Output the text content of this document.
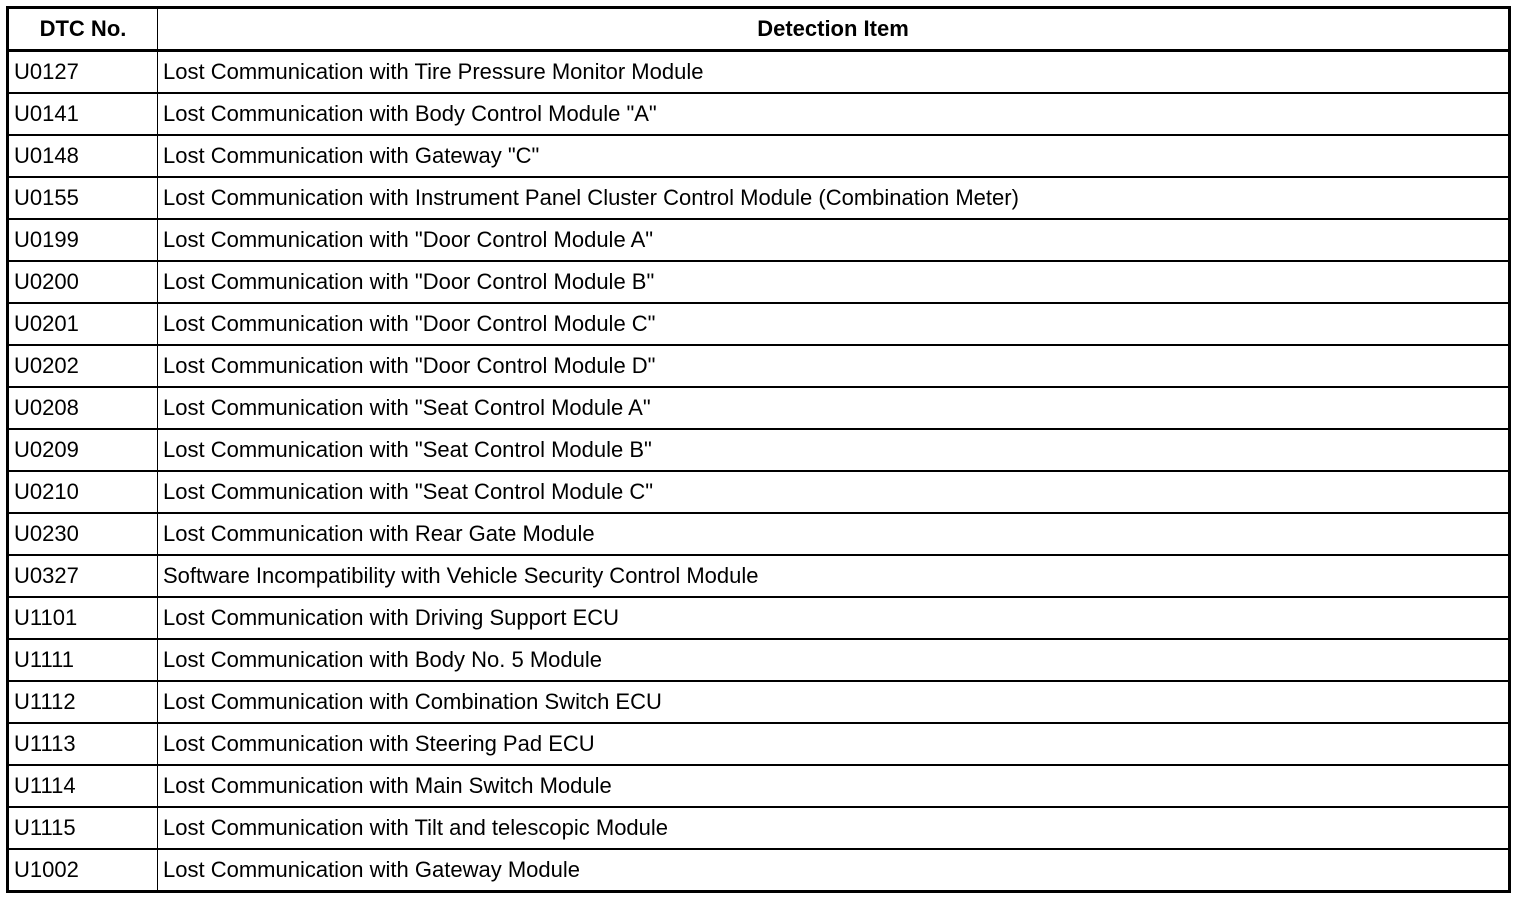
DTC No.	Detection Item
U0127	Lost Communication with Tire Pressure Monitor Module
U0141	Lost Communication with Body Control Module "A"
U0148	Lost Communication with Gateway "C"
U0155	Lost Communication with Instrument Panel Cluster Control Module (Combination Meter)
U0199	Lost Communication with "Door Control Module A"
U0200	Lost Communication with "Door Control Module B"
U0201	Lost Communication with "Door Control Module C"
U0202	Lost Communication with "Door Control Module D"
U0208	Lost Communication with "Seat Control Module A"
U0209	Lost Communication with "Seat Control Module B"
U0210	Lost Communication with "Seat Control Module C"
U0230	Lost Communication with Rear Gate Module
U0327	Software Incompatibility with Vehicle Security Control Module
U1101	Lost Communication with Driving Support ECU
U1111	Lost Communication with Body No. 5 Module
U1112	Lost Communication with Combination Switch ECU
U1113	Lost Communication with Steering Pad ECU
U1114	Lost Communication with Main Switch Module
U1115	Lost Communication with Tilt and telescopic Module
U1002	Lost Communication with Gateway Module
